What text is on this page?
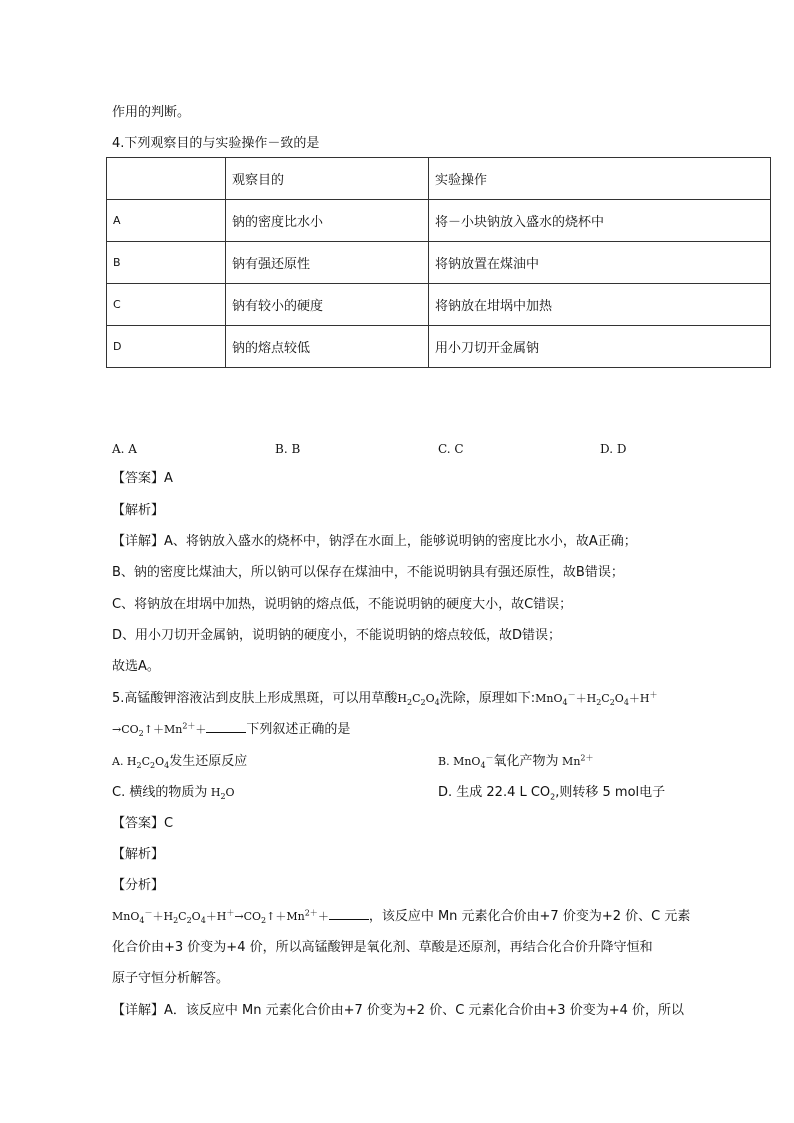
作用的判断。
4.下列观察目的与实验操作－致的是
	观察目的	实验操作
A	钠的密度比水小	将－小块钠放入盛水的烧杯中
B	钠有强还原性	将钠放置在煤油中
C	钠有较小的硬度	将钠放在坩埚中加热
D	钠的熔点较低	用小刀切开金属钠
A. A	B. B	C. C	D. D
【答案】A
【解析】
【详解】A、将钠放入盛水的烧杯中，钠浮在水面上，能够说明钠的密度比水小，故A正确；
B、钠的密度比煤油大，所以钠可以保存在煤油中，不能说明钠具有强还原性，故B错误；
C、将钠放在坩埚中加热，说明钠的熔点低，不能说明钠的硬度大小，故C错误；
D、用小刀切开金属钠，说明钠的硬度小，不能说明钠的熔点较低，故D错误；
故选A。
5.高锰酸钾溶液沾到皮肤上形成黑斑，可以用草酸$H_2C_2O_4$洗除，原理如下$:MnO_4^-+H_2C_2O_4+H^+$
$\to CO_2↑+Mn^{2+}+$	下列叙述正确的是
A. $H_2C_2O_4$发生还原反应	B. MnO$_4$－氧化产物为 $Mn^{2+}$
C. 横线的物质为 $H_2O$	D. 生成 22.4 L $CO_2$,则转移 5 mol电子
【答案】C
【解析】
【分析】
$MnO_4^-+H_2C_2O_4+H^+\to CO_2↑+Mn^{2+}+$	，该反应中 Mn 元素化合价由+7 价变为+2 价、C 元素
化合价由+3 价变为+4 价，所以高锰酸钾是氧化剂、草酸是还原剂，再结合化合价升降守恒和
原子守恒分析解答。
【详解】A．该反应中 Mn 元素化合价由+7 价变为+2 价、C 元素化合价由+3 价变为+4 价，所以
